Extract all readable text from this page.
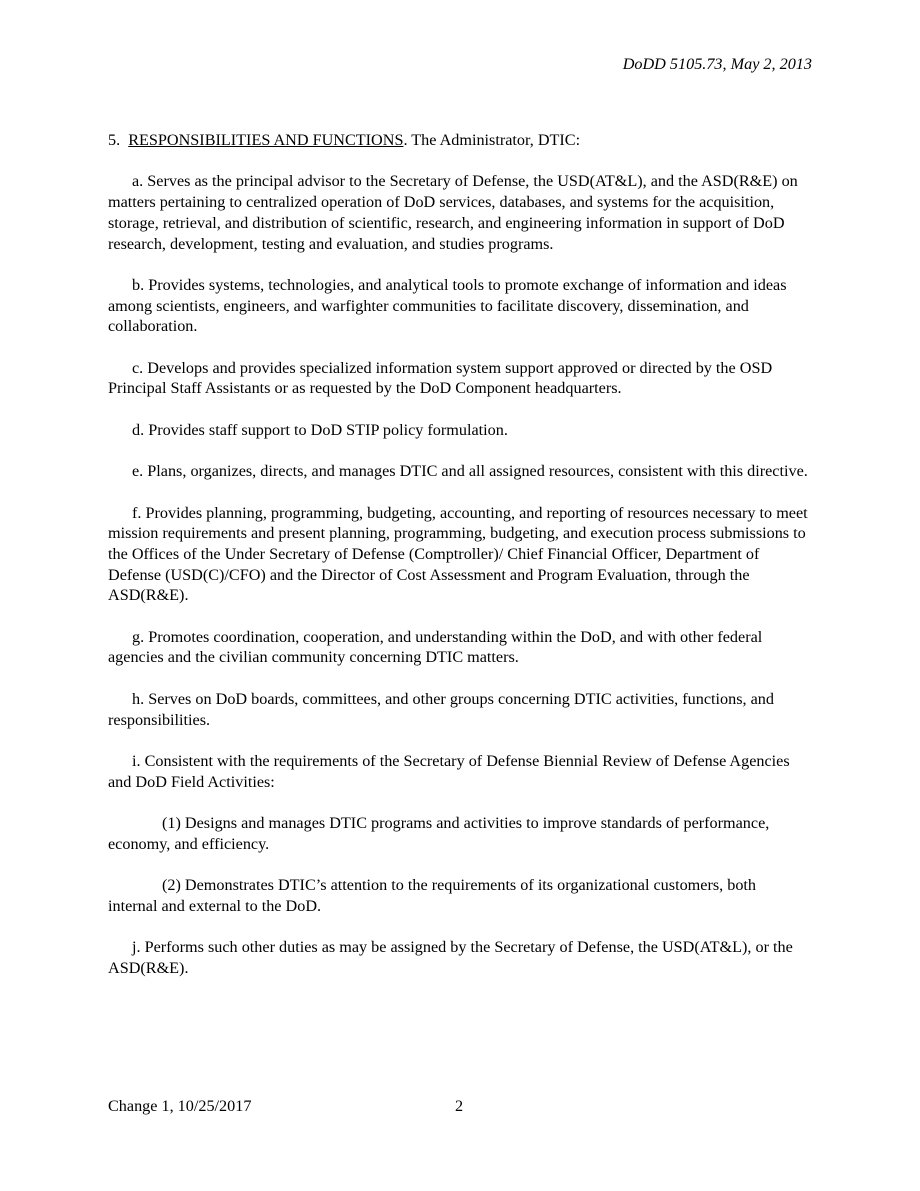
DoDD 5105.73, May 2, 2013

5. RESPONSIBILITIES AND FUNCTIONS. The Administrator, DTIC:

a. Serves as the principal advisor to the Secretary of Defense, the USD(AT&L), and the ASD(R&E) on matters pertaining to centralized operation of DoD services, databases, and systems for the acquisition, storage, retrieval, and distribution of scientific, research, and engineering information in support of DoD research, development, testing and evaluation, and studies programs.

b. Provides systems, technologies, and analytical tools to promote exchange of information and ideas among scientists, engineers, and warfighter communities to facilitate discovery, dissemination, and collaboration.

c. Develops and provides specialized information system support approved or directed by the OSD Principal Staff Assistants or as requested by the DoD Component headquarters.

d. Provides staff support to DoD STIP policy formulation.

e. Plans, organizes, directs, and manages DTIC and all assigned resources, consistent with this directive.

f. Provides planning, programming, budgeting, accounting, and reporting of resources necessary to meet mission requirements and present planning, programming, budgeting, and execution process submissions to the Offices of the Under Secretary of Defense (Comptroller)/ Chief Financial Officer, Department of Defense (USD(C)/CFO) and the Director of Cost Assessment and Program Evaluation, through the ASD(R&E).

g. Promotes coordination, cooperation, and understanding within the DoD, and with other federal agencies and the civilian community concerning DTIC matters.

h. Serves on DoD boards, committees, and other groups concerning DTIC activities, functions, and responsibilities.

i. Consistent with the requirements of the Secretary of Defense Biennial Review of Defense Agencies and DoD Field Activities:

(1) Designs and manages DTIC programs and activities to improve standards of performance, economy, and efficiency.

(2) Demonstrates DTIC’s attention to the requirements of its organizational customers, both internal and external to the DoD.

j. Performs such other duties as may be assigned by the Secretary of Defense, the USD(AT&L), or the ASD(R&E).

Change 1, 10/25/2017	2
